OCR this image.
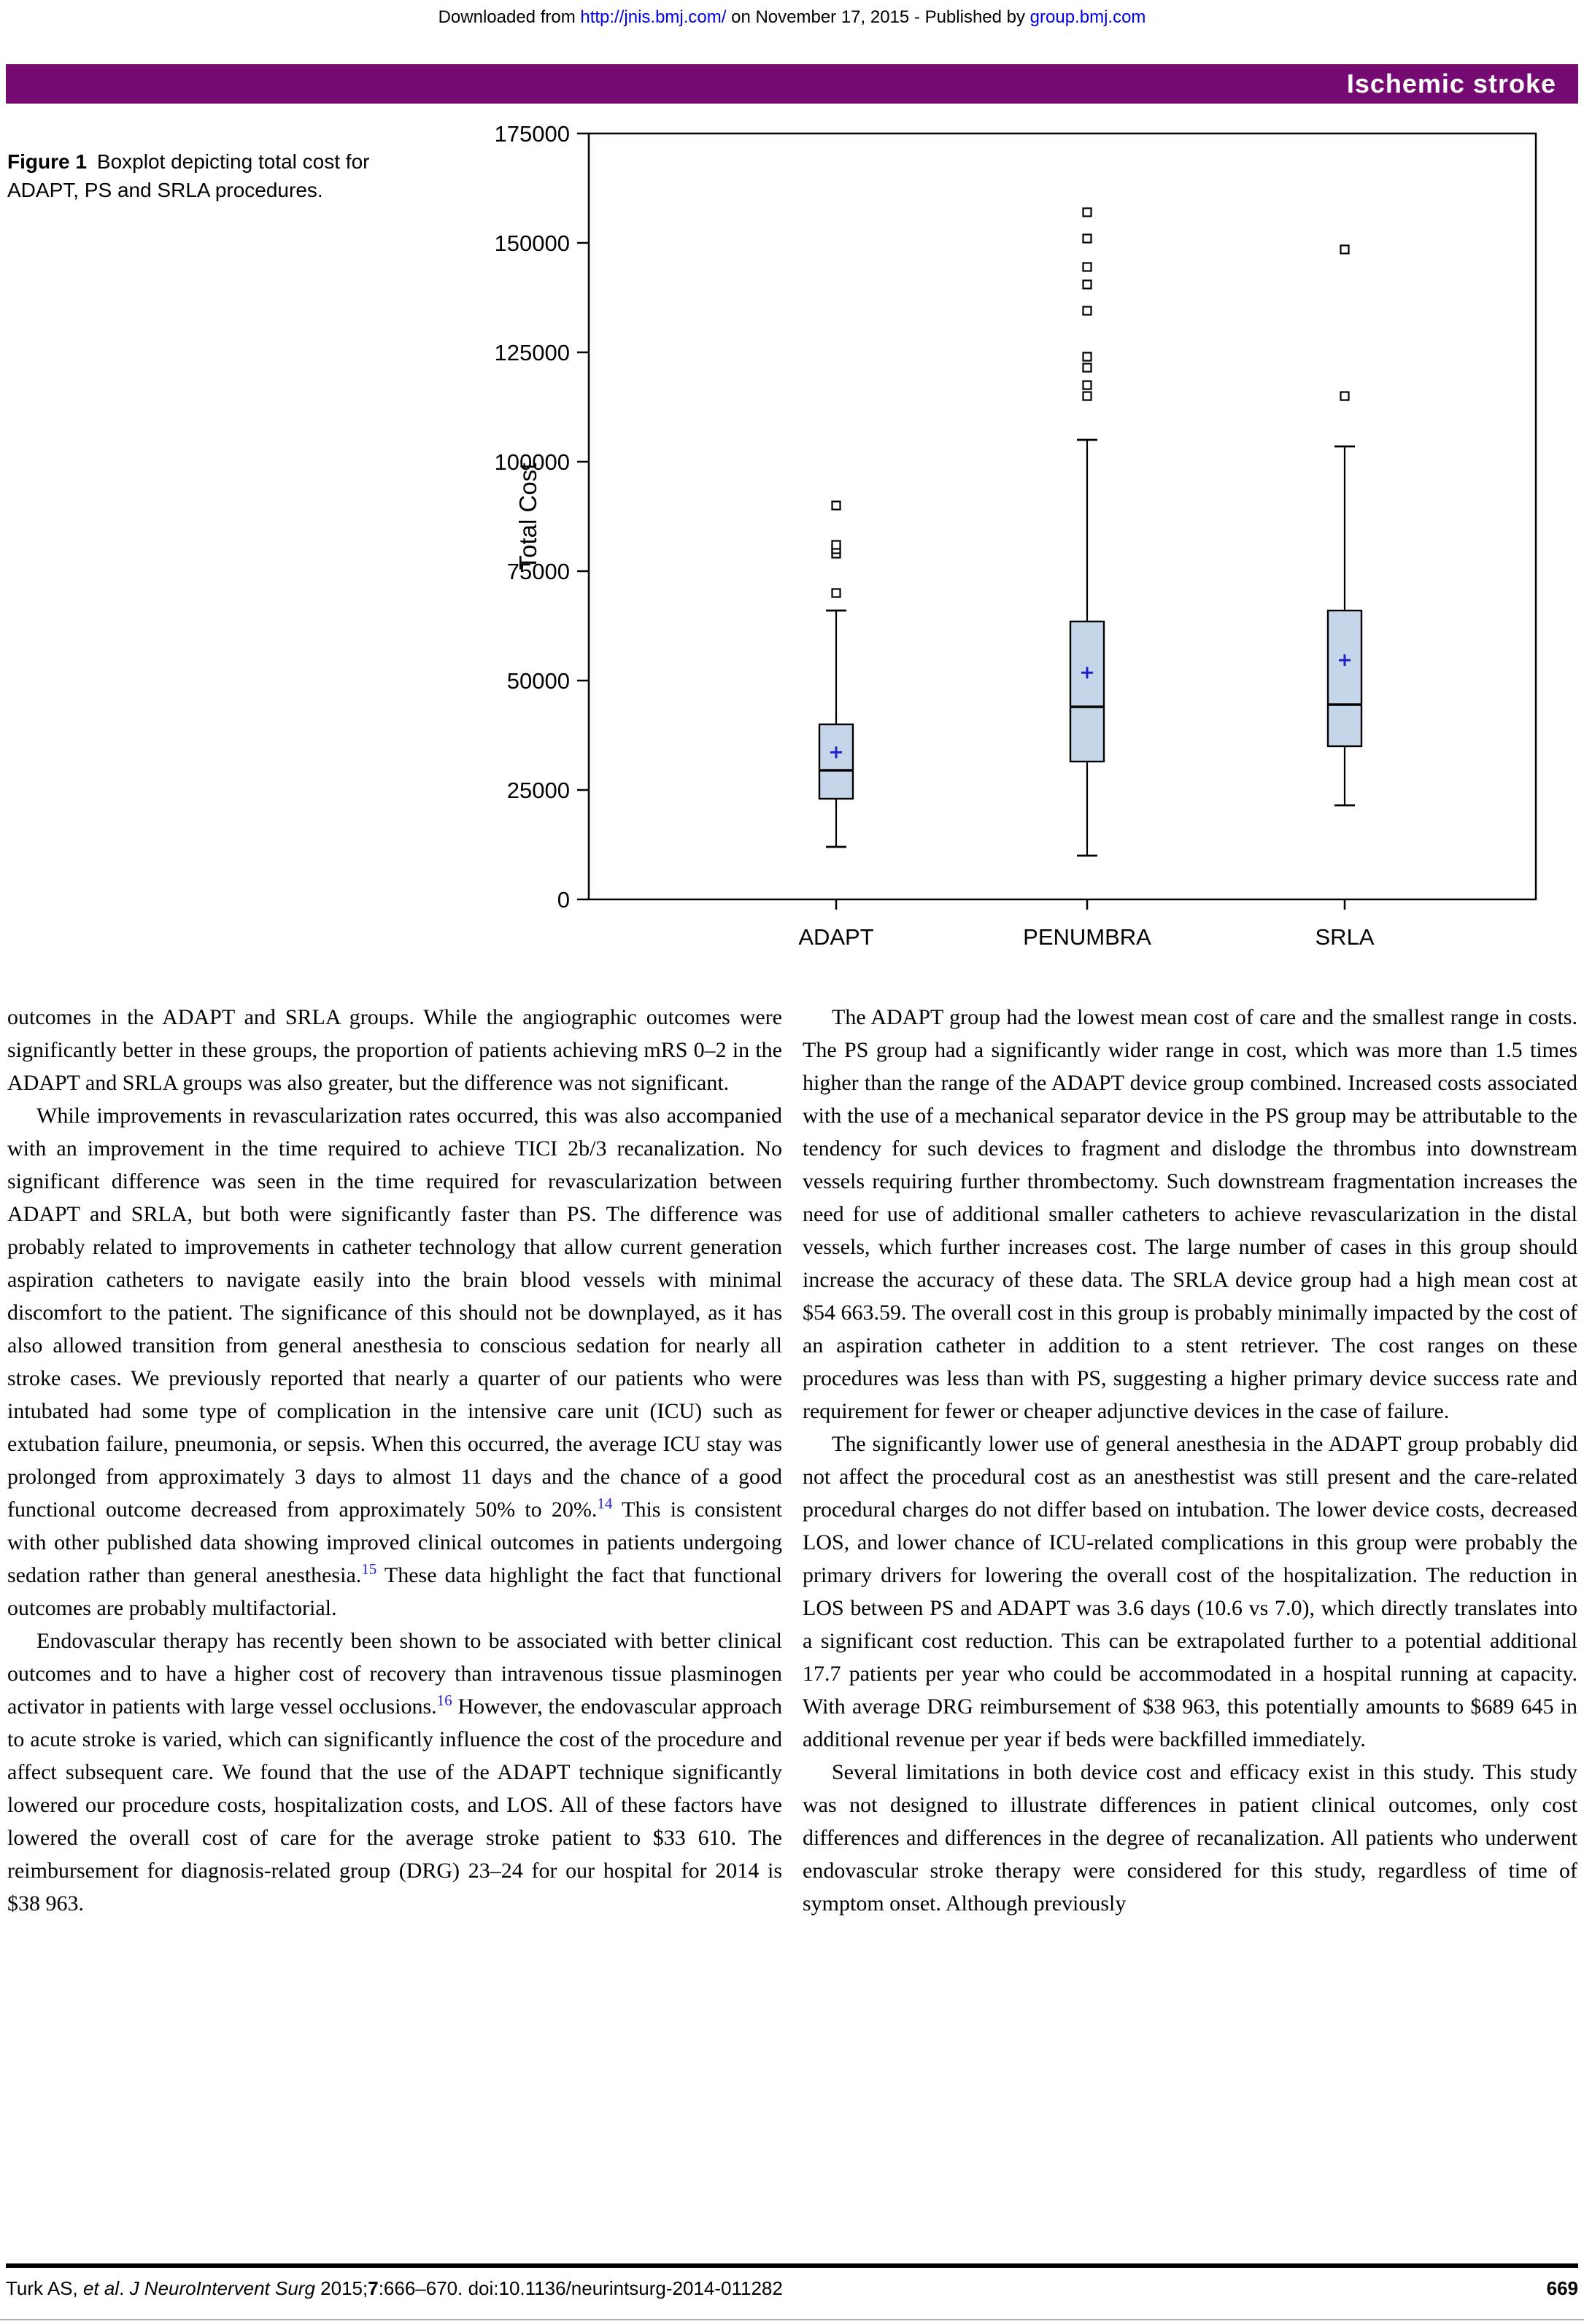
Downloaded from http://jnis.bmj.com/ on November 17, 2015 - Published by group.bmj.com
Ischemic stroke
Figure 1 Boxplot depicting total cost for ADAPT, PS and SRLA procedures.
0
25000
50000
75000
100000
125000
150000
175000
Total Cost
ADAPT	PENUMBRA	SRLA

outcomes in the ADAPT and SRLA groups. While the angiographic outcomes were significantly better in these groups, the proportion of patients achieving mRS 0–2 in the ADAPT and SRLA groups was also greater, but the difference was not significant.

While improvements in revascularization rates occurred, this was also accompanied with an improvement in the time required to achieve TICI 2b/3 recanalization. No significant difference was seen in the time required for revascularization between ADAPT and SRLA, but both were significantly faster than PS. The difference was probably related to improvements in catheter technology that allow current generation aspiration catheters to navigate easily into the brain blood vessels with minimal discomfort to the patient. The significance of this should not be downplayed, as it has also allowed transition from general anesthesia to conscious sedation for nearly all stroke cases. We previously reported that nearly a quarter of our patients who were intubated had some type of complication in the intensive care unit (ICU) such as extubation failure, pneumonia, or sepsis. When this occurred, the average ICU stay was prolonged from approximately 3 days to almost 11 days and the chance of a good functional outcome decreased from approximately 50% to 20%.$^{14}$ This is consistent with other published data showing improved clinical outcomes in patients undergoing sedation rather than general anesthesia.$^{15}$ These data highlight the fact that functional outcomes are probably multifactorial.

Endovascular therapy has recently been shown to be associated with better clinical outcomes and to have a higher cost of recovery than intravenous tissue plasminogen activator in patients with large vessel occlusions.$^{16}$ However, the endovascular approach to acute stroke is varied, which can significantly influence the cost of the procedure and affect subsequent care. We found that the use of the ADAPT technique significantly lowered our procedure costs, hospitalization costs, and LOS. All of these factors have lowered the overall cost of care for the average stroke patient to $33 610. The reimbursement for diagnosis-related group (DRG) 23–24 for our hospital for 2014 is $38 963.

The ADAPT group had the lowest mean cost of care and the smallest range in costs. The PS group had a significantly wider range in cost, which was more than 1.5 times higher than the range of the ADAPT device group combined. Increased costs associated with the use of a mechanical separator device in the PS group may be attributable to the tendency for such devices to fragment and dislodge the thrombus into downstream vessels requiring further thrombectomy. Such downstream fragmentation increases the need for use of additional smaller catheters to achieve revascularization in the distal vessels, which further increases cost. The large number of cases in this group should increase the accuracy of these data. The SRLA device group had a high mean cost at $54 663.59. The overall cost in this group is probably minimally impacted by the cost of an aspiration catheter in addition to a stent retriever. The cost ranges on these procedures was less than with PS, suggesting a higher primary device success rate and requirement for fewer or cheaper adjunctive devices in the case of failure.

The significantly lower use of general anesthesia in the ADAPT group probably did not affect the procedural cost as an anesthestist was still present and the care-related procedural charges do not differ based on intubation. The lower device costs, decreased LOS, and lower chance of ICU-related complications in this group were probably the primary drivers for lowering the overall cost of the hospitalization. The reduction in LOS between PS and ADAPT was 3.6 days (10.6 vs 7.0), which directly translates into a significant cost reduction. This can be extrapolated further to a potential additional 17.7 patients per year who could be accommodated in a hospital running at capacity. With average DRG reimbursement of $38 963, this potentially amounts to $689 645 in additional revenue per year if beds were backfilled immediately.

Several limitations in both device cost and efficacy exist in this study. This study was not designed to illustrate differences in patient clinical outcomes, only cost differences and differences in the degree of recanalization. All patients who underwent endovascular stroke therapy were considered for this study, regardless of time of symptom onset. Although previously

Turk AS, et al. J NeuroIntervent Surg 2015;7:666–670. doi:10.1136/neurintsurg-2014-011282	669
